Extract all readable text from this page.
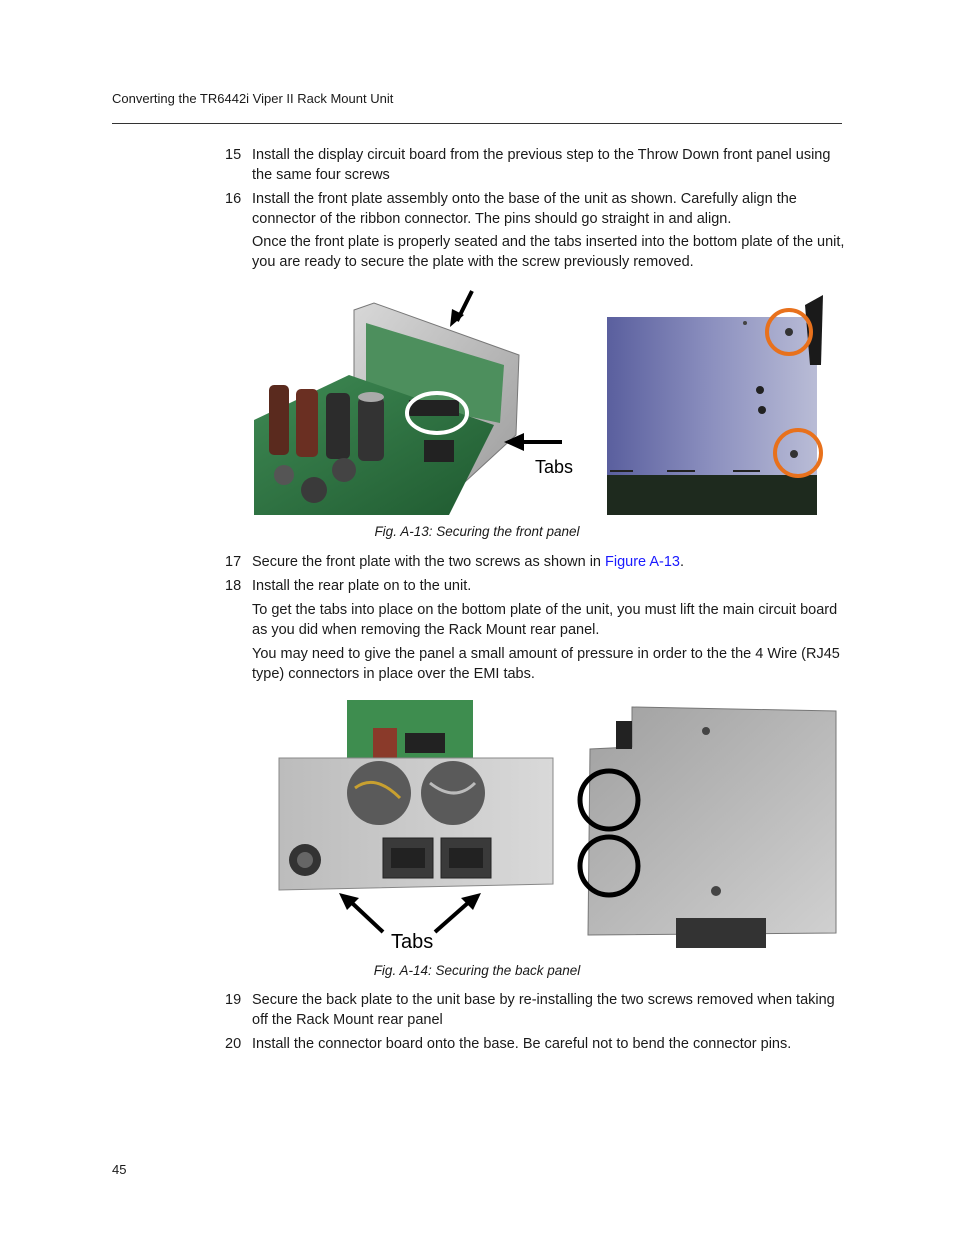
Converting the TR6442i Viper II Rack Mount Unit
15 Install the display circuit board from the previous step to the Throw Down front panel using the same four screws
16 Install the front plate assembly onto the base of the unit as shown. Carefully align the connector of the ribbon connector. The pins should go straight in and align.
Once the front plate is properly seated and the tabs inserted into the bottom plate of the unit, you are ready to secure the plate with the screw previously removed.
Tabs
Fig. A-13: Securing the front panel
17 Secure the front plate with the two screws as shown in Figure A-13.
18 Install the rear plate on to the unit.
To get the tabs into place on the bottom plate of the unit, you must lift the main circuit board as you did when removing the Rack Mount rear panel.
You may need to give the panel a small amount of pressure in order to the the 4 Wire (RJ45 type) connectors in place over the EMI tabs.
Tabs
Fig. A-14: Securing the back panel
19 Secure the back plate to the unit base by re-installing the two screws removed when taking off the Rack Mount rear panel
20 Install the connector board onto the base. Be careful not to bend the connector pins.
45
